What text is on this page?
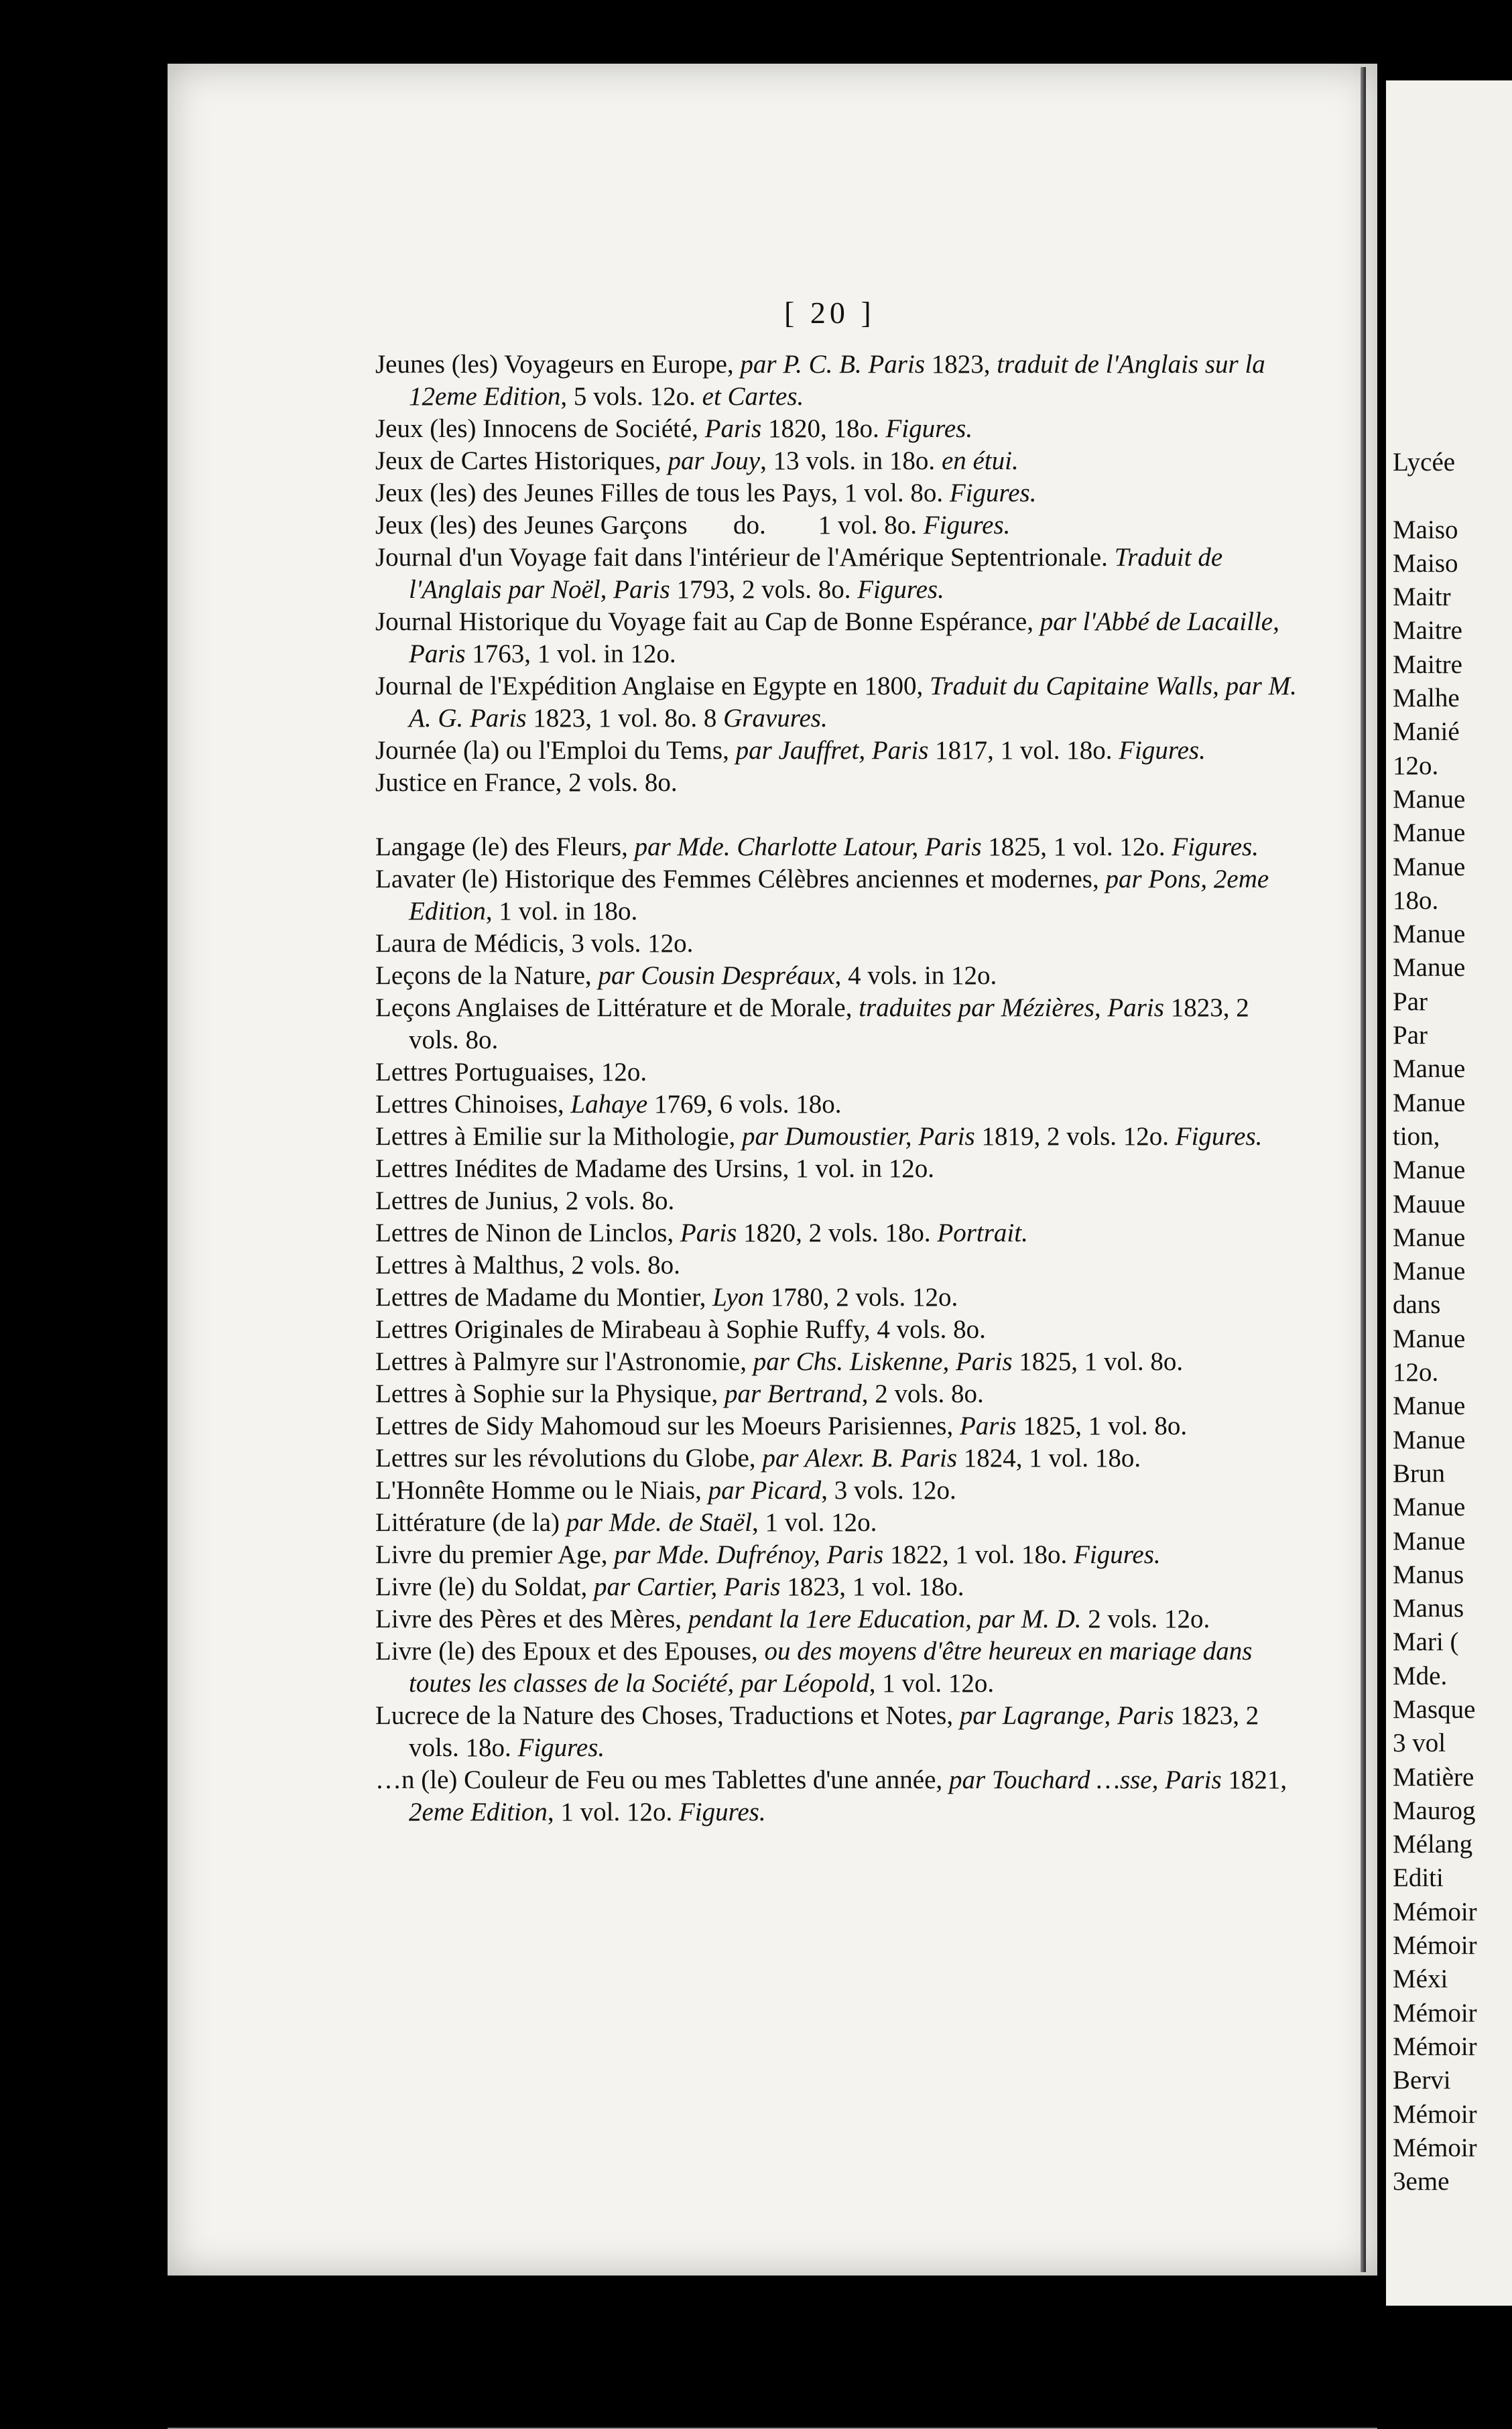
Lycée
Maiso
Maiso
Maitr
Maitre
Maitre
Malhe
Manié
12o.
Manue
Manue
Manue
18o.
Manue
Manue
Par
Par
Manue
Manue
tion,
Manue
Mauue
Manue
Manue
dans
Manue
12o.
Manue
Manue
Brun
Manue
Manue
Manus
Manus
Mari (
Mde.
Masque
3 vol
Matière
Maurog
Mélang
Editi
Mémoir
Mémoir
Méxi
Mémoir
Mémoir
Bervi
Mémoir
Mémoir
3eme
[ 20 ]

Jeunes (les) Voyageurs en Europe, par P. C. B. Paris 1823, traduit de l'Anglais sur la 12eme Edition, 5 vols. 12o. et Cartes.

Jeux (les) Innocens de Société, Paris 1820, 18o. Figures.

Jeux de Cartes Historiques, par Jouy, 13 vols. in 18o. en étui.

Jeux (les) des Jeunes Filles de tous les Pays, 1 vol. 8o. Figures.

Jeux (les) des Jeunes Garçons       do.        1 vol. 8o. Figures.

Journal d'un Voyage fait dans l'intérieur de l'Amérique Septentrionale. Traduit de l'Anglais par Noël, Paris 1793, 2 vols. 8o. Figures.

Journal Historique du Voyage fait au Cap de Bonne Espérance, par l'Abbé de Lacaille, Paris 1763, 1 vol. in 12o.

Journal de l'Expédition Anglaise en Egypte en 1800, Traduit du Capitaine Walls, par M. A. G. Paris 1823, 1 vol. 8o. 8 Gravures.

Journée (la) ou l'Emploi du Tems, par Jauffret, Paris 1817, 1 vol. 18o. Figures.

Justice en France, 2 vols. 8o.

Langage (le) des Fleurs, par Mde. Charlotte Latour, Paris 1825, 1 vol. 12o. Figures.

Lavater (le) Historique des Femmes Célèbres anciennes et modernes, par Pons, 2eme Edition, 1 vol. in 18o.

Laura de Médicis, 3 vols. 12o.

Leçons de la Nature, par Cousin Despréaux, 4 vols. in 12o.

Leçons Anglaises de Littérature et de Morale, traduites par Mézières, Paris 1823, 2 vols. 8o.

Lettres Portuguaises, 12o.

Lettres Chinoises, Lahaye 1769, 6 vols. 18o.

Lettres à Emilie sur la Mithologie, par Dumoustier, Paris 1819, 2 vols. 12o. Figures.

Lettres Inédites de Madame des Ursins, 1 vol. in 12o.

Lettres de Junius, 2 vols. 8o.

Lettres de Ninon de Linclos, Paris 1820, 2 vols. 18o. Portrait.

Lettres à Malthus, 2 vols. 8o.

Lettres de Madame du Montier, Lyon 1780, 2 vols. 12o.

Lettres Originales de Mirabeau à Sophie Ruffy, 4 vols. 8o.

Lettres à Palmyre sur l'Astronomie, par Chs. Liskenne, Paris 1825, 1 vol. 8o.

Lettres à Sophie sur la Physique, par Bertrand, 2 vols. 8o.

Lettres de Sidy Mahomoud sur les Moeurs Parisiennes, Paris 1825, 1 vol. 8o.

Lettres sur les révolutions du Globe, par Alexr. B. Paris 1824, 1 vol. 18o.

L'Honnête Homme ou le Niais, par Picard, 3 vols. 12o.

Littérature (de la) par Mde. de Staël, 1 vol. 12o.

Livre du premier Age, par Mde. Dufrénoy, Paris 1822, 1 vol. 18o. Figures.

Livre (le) du Soldat, par Cartier, Paris 1823, 1 vol. 18o.

Livre des Pères et des Mères, pendant la 1ere Education, par M. D. 2 vols. 12o.

Livre (le) des Epoux et des Epouses, ou des moyens d'être heureux en mariage dans toutes les classes de la Société, par Léopold, 1 vol. 12o.

Lucrece de la Nature des Choses, Traductions et Notes, par Lagrange, Paris 1823, 2 vols. 18o. Figures.

…n (le) Couleur de Feu ou mes Tablettes d'une année, par Touchard …sse, Paris 1821, 2eme Edition, 1 vol. 12o. Figures.
